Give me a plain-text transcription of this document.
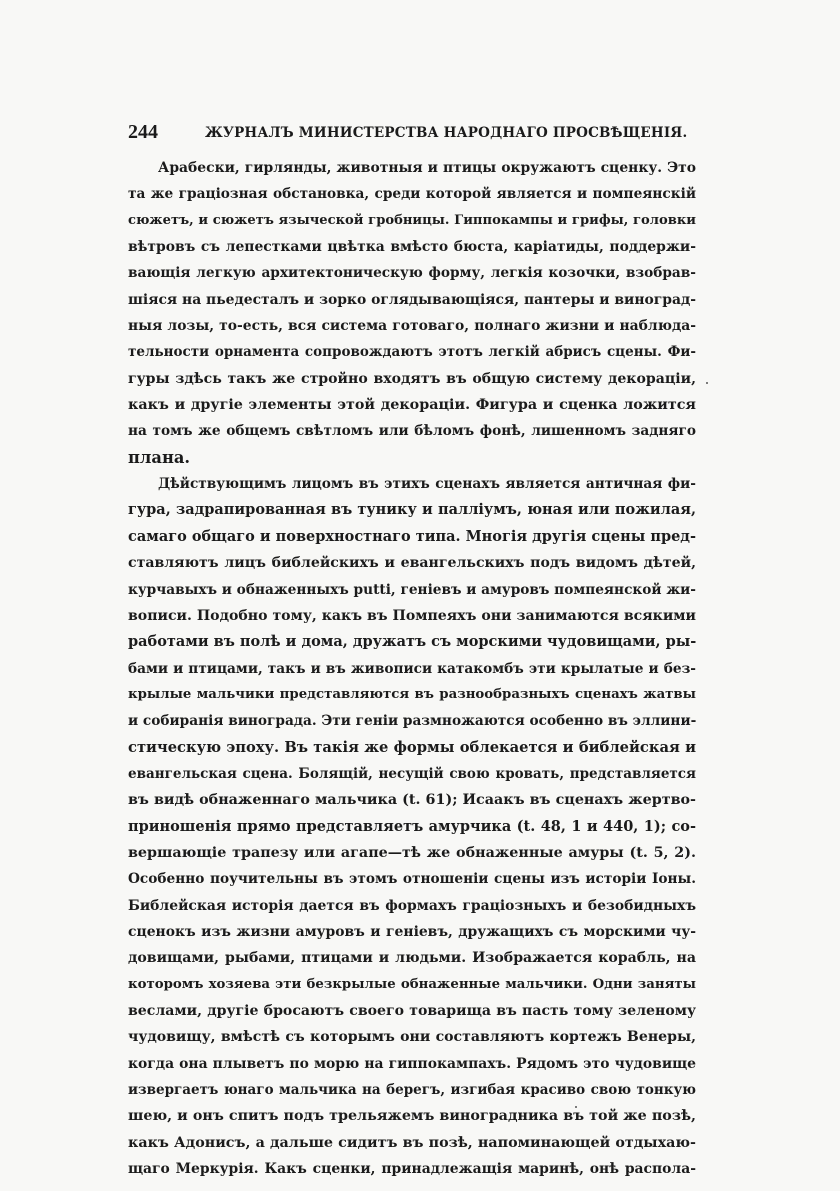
244	ЖУРНАЛЪ МИНИСТЕРСТВА НАРОДНАГО ПРОСВѢЩЕНІЯ.
Арабески, гирлянды, животныя и птицы окружаютъ сценку. Это
та же граціозная обстановка, среди которой является и помпеянскій
сюжетъ, и сюжетъ языческой гробницы. Гиппокампы и грифы, головки
вѣтровъ съ лепестками цвѣтка вмѣсто бюста, каріатиды, поддержи-
вающія легкую архитектоническую форму, легкія козочки, взобрав-
шіяся на пьедесталъ и зорко оглядывающіяся, пантеры и виноград-
ныя лозы, то-есть, вся система готоваго, полнаго жизни и наблюда-
тельности орнамента сопровождаютъ этотъ легкій абрисъ сцены. Фи-
гуры здѣсь такъ же стройно входятъ въ общую систему декораціи,
какъ и другіе элементы этой декораціи. Фигура и сценка ложится
на томъ же общемъ свѣтломъ или бѣломъ фонѣ, лишенномъ задняго
плана.
Дѣйствующимъ лицомъ въ этихъ сценахъ является античная фи-
гура, задрапированная въ тунику и палліумъ, юная или пожилая,
самаго общаго и поверхностнаго типа. Многія другія сцены пред-
ставляютъ лицъ библейскихъ и евангельскихъ подъ видомъ дѣтей,
курчавыхъ и обнаженныхъ putti, геніевъ и амуровъ помпеянской жи-
вописи. Подобно тому, какъ въ Помпеяхъ они занимаются всякими
работами въ полѣ и дома, дружатъ съ морскими чудовищами, ры-
бами и птицами, такъ и въ живописи катакомбъ эти крылатые и без-
крылые мальчики представляются въ разнообразныхъ сценахъ жатвы
и собиранія винограда. Эти геніи размножаются особенно въ эллини-
стическую эпоху. Въ такія же формы облекается и библейская и
евангельская сцена. Болящій, несущій свою кровать, представляется
въ видѣ обнаженнаго мальчика (t. 61); Исаакъ въ сценахъ жертво-
приношенія прямо представляетъ амурчика (t. 48, 1 и 440, 1); со-
вершающіе трапезу или агапе—тѣ же обнаженные амуры (t. 5, 2).
Особенно поучительны въ этомъ отношеніи сцены изъ исторіи Іоны.
Библейская исторія дается въ формахъ граціозныхъ и безобидныхъ
сценокъ изъ жизни амуровъ и геніевъ, дружащихъ съ морскими чу-
довищами, рыбами, птицами и людьми. Изображается корабль, на
которомъ хозяева эти безкрылые обнаженные мальчики. Одни заняты
веслами, другіе бросаютъ своего товарища въ пасть тому зеленому
чудовищу, вмѣстѣ съ которымъ они составляютъ кортежъ Венеры,
когда она плыветъ по морю на гиппокампахъ. Рядомъ это чудовище
извергаетъ юнаго мальчика на берегъ, изгибая красиво свою тонкую
шею, и онъ спитъ подъ трельяжемъ виноградника въ той же позѣ,
какъ Адонисъ, а дальше сидитъ въ позѣ, напоминающей отдыхаю-
щаго Меркурія. Какъ сценки, принадлежащія маринѣ, онѣ распола-
